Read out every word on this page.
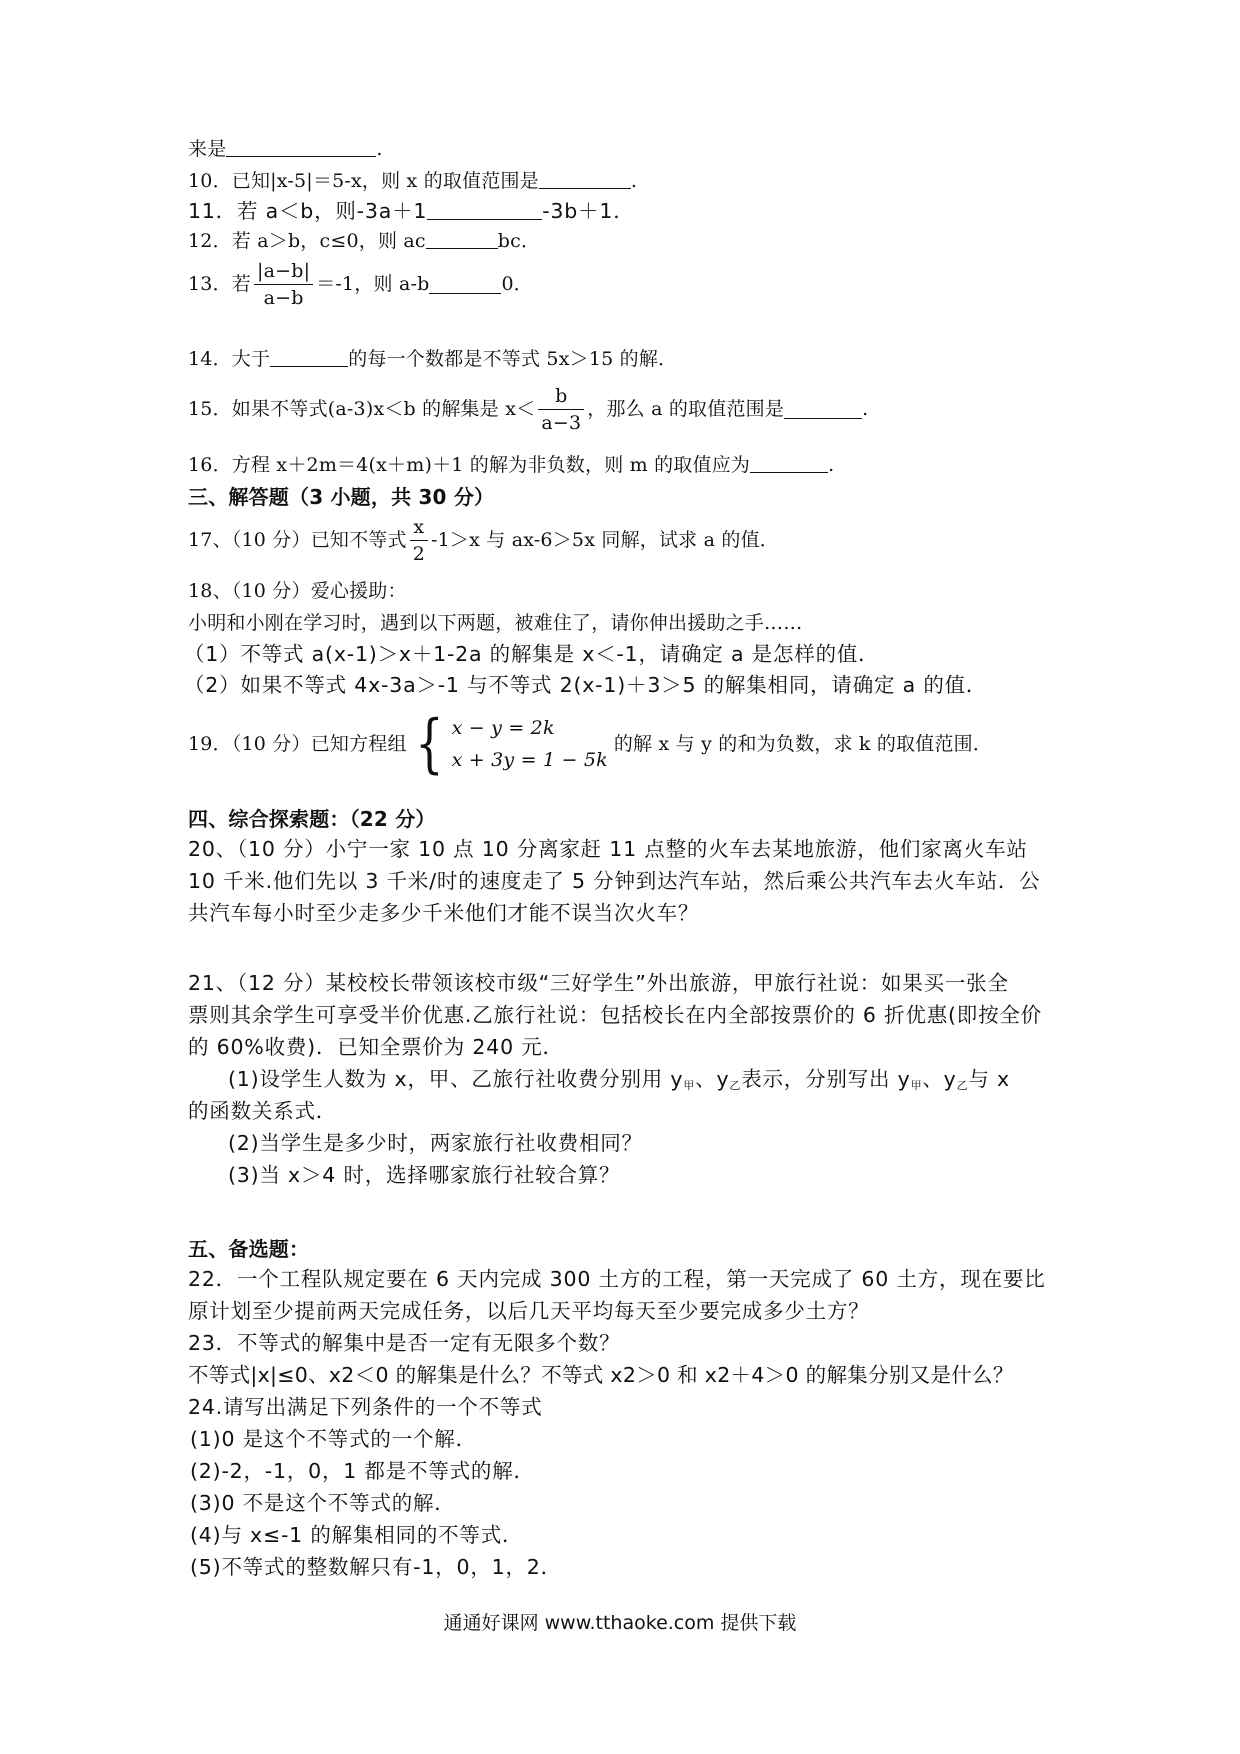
来是	.
10．已知|x-5|＝5-x，则 x 的取值范围是	.
11．若 a＜b，则-3a＋1	-3b＋1．
12．若 a＞b，c≤0，则 ac	bc．
13．若 $\frac{|a-b|}{a-b} =-1$，则 a-b	0．
14．大于	的每一个数都是不等式 5x＞15 的解．
15．如果不等式(a-3)x＜b 的解集是 $x< \frac{b}{a-3}$ ，那么 a 的取值范围是	.
16．方程 x＋2m＝4(x＋m)＋1 的解为非负数，则 m 的取值应为	.
三、解答题（3 小题，共 30 分）
17、（10 分）已知不等式 $\frac{x}{2} -1>x$ 与 ax-6＞5x 同解，试求 a 的值．
18、（10 分）爱心援助：
小明和小刚在学习时，遇到以下两题，被难住了，请你伸出援助之手……
（1）不等式 a(x-1)＞x＋1-2a 的解集是 x＜-1，请确定 a 是怎样的值．
（2）如果不等式 4x-3a＞-1 与不等式 2(x-1)＋3＞5 的解集相同，请确定 a 的值．
19．（10 分）已知方程组 { x − y = 2k
x + 3y = 1 − 5k
的解 x 与 y 的和为负数，求 k 的取值范围．
四、综合探索题：（22 分）
20、（10 分）小宁一家 10 点 10 分离家赶 11 点整的火车去某地旅游，他们家离火车站
10 千米.他们先以 3 千米/时的速度走了 5 分钟到达汽车站，然后乘公共汽车去火车站．公
共汽车每小时至少走多少千米他们才能不误当次火车？
21、（12 分）某校校长带领该校市级“三好学生”外出旅游，甲旅行社说：如果买一张全
票则其余学生可享受半价优惠.乙旅行社说：包括校长在内全部按票价的 6 折优惠(即按全价
的 60%收费)．已知全票价为 240 元．
(1)设学生人数为 x，甲、乙旅行社收费分别用 $y_甲$、$y_乙$表示，分别写出 $y_甲$、$y_乙$与 x
的函数关系式．
(2)当学生是多少时，两家旅行社收费相同？
(3)当 x＞4 时，选择哪家旅行社较合算？
五、备选题：
22．一个工程队规定要在 6 天内完成 300 土方的工程，第一天完成了 60 土方，现在要比
原计划至少提前两天完成任务，以后几天平均每天至少要完成多少土方？
23．不等式的解集中是否一定有无限多个数？
不等式|x|≤0、x2＜0 的解集是什么？不等式 x2＞0 和 x2＋4＞0 的解集分别又是什么？
24.请写出满足下列条件的一个不等式
(1)0 是这个不等式的一个解．
(2)-2，-1，0，1 都是不等式的解．
(3)0 不是这个不等式的解．
(4)与 x≤-1 的解集相同的不等式．
(5)不等式的整数解只有-1，0，1，2．
通通好课网 www.tthaoke.com 提供下载
